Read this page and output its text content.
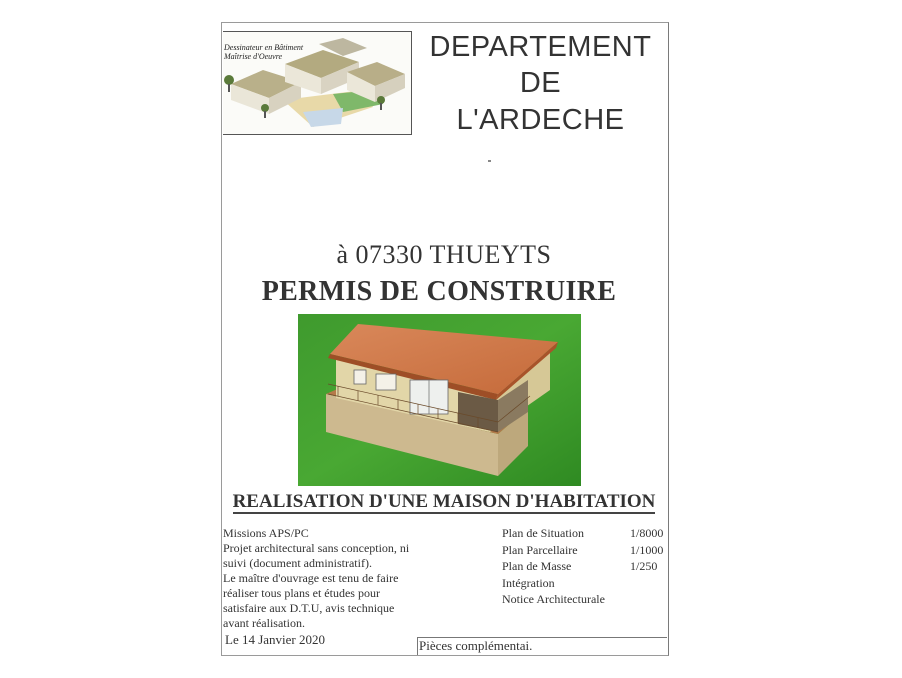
Dessinateur en Bâtiment
Maîtrise d'Oeuvre	DEPARTEMENT
DE
L'ARDECHE
à 07330 THUEYTS
PERMIS DE CONSTRUIRE
REALISATION D'UNE MAISON D'HABITATION
Missions APS/PC
Projet architectural sans conception, ni suivi (document administratif).
Le maître d'ouvrage est tenu de faire réaliser tous plans et études pour satisfaire aux D.T.U, avis technique avant réalisation.
Plan de Situation	1/8000
Plan Parcellaire	1/1000
Plan de Masse	1/250
Intégration
Notice Architecturale
Le 14 Janvier 2020	Pièces complémentai.
